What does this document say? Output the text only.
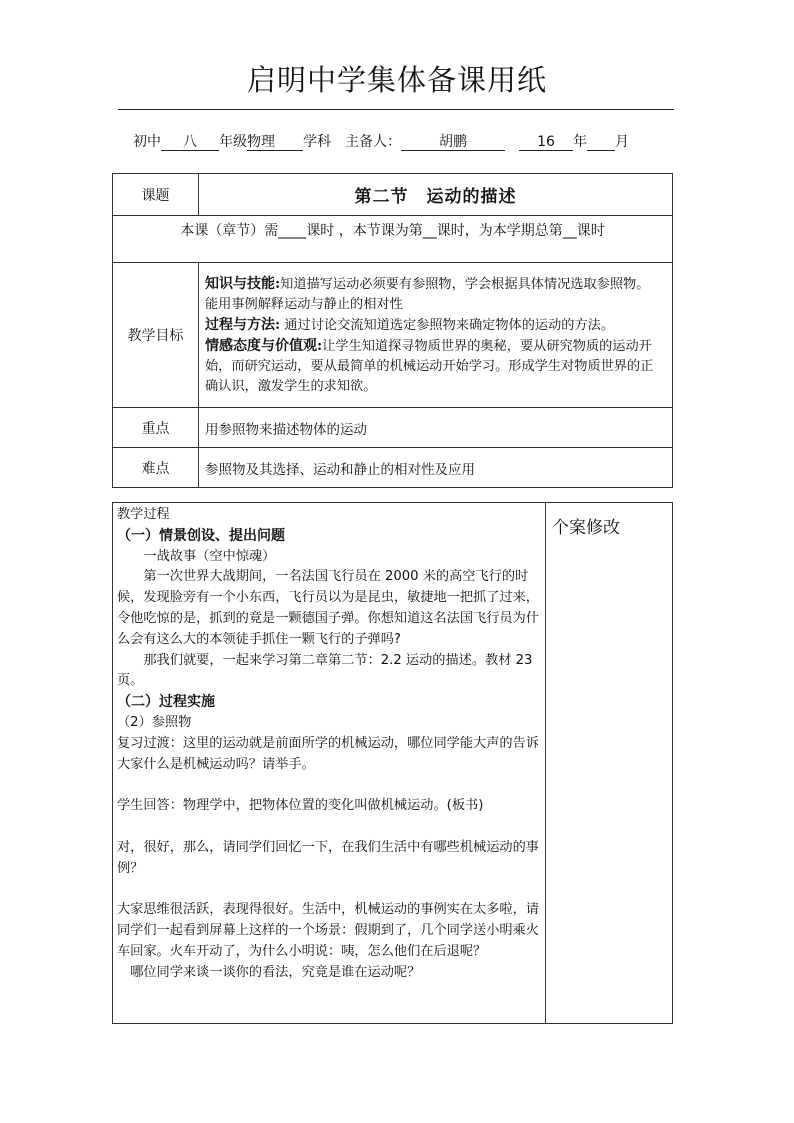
启明中学集体备课用纸
初中 八 年级物理 学科 主备人：	胡鹏	16 年 月
课题	第二节　运动的描述
本课（章节）需____课时 ，本节课为第__课时，为本学期总第__课时	
教学目标	知识与技能:知道描写运动必须要有参照物，学会根据具体情况选取参照物。
能用事例解释运动与静止的相对性
过程与方法: 通过讨论交流知道选定参照物来确定物体的运动的方法。
情感态度与价值观:让学生知道探寻物质世界的奥秘，要从研究物质的运动开始，而研究运动，要从最简单的机械运动开始学习。形成学生对物质世界的正确认识，激发学生的求知欲。

重点	用参照物来描述物体的运动
难点	参照物及其选择、运动和静止的相对性及应用

教学过程

（一）情景创设、提出问题

一战故事（空中惊魂）

第一次世界大战期间，一名法国飞行员在 2000 米的高空飞行的时候，发现脸旁有一个小东西，飞行员以为是昆虫，敏捷地一把抓了过来，令他吃惊的是，抓到的竟是一颗德国子弹。你想知道这名法国飞行员为什么会有这么大的本领徒手抓住一颗飞行的子弹吗?

那我们就要，一起来学习第二章第二节：2.2 运动的描述。教材 23 页。

（二）过程实施

（2）参照物

复习过渡：这里的运动就是前面所学的机械运动，哪位同学能大声的告诉大家什么是机械运动吗？请举手。

学生回答：物理学中，把物体位置的变化叫做机械运动。(板书)

对，很好，那么，请同学们回忆一下，在我们生活中有哪些机械运动的事例？

大家思维很活跃，表现得很好。生活中，机械运动的事例实在太多啦，请同学们一起看到屏幕上这样的一个场景：假期到了，几个同学送小明乘火车回家。火车开动了，为什么小明说：咦，怎么他们在后退呢？

哪位同学来谈一谈你的看法，究竟是谁在运动呢？

	个案修改
